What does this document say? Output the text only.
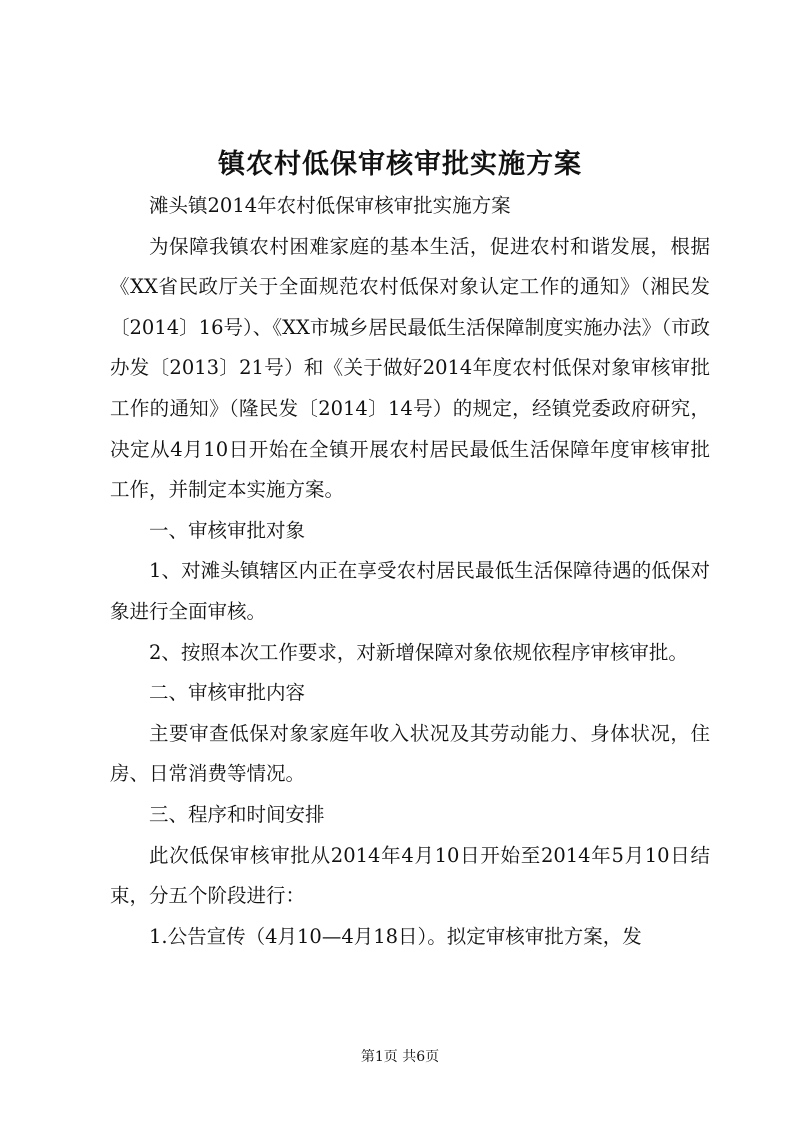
镇农村低保审核审批实施方案

滩头镇2014年农村低保审核审批实施方案

为保障我镇农村困难家庭的基本生活，促进农村和谐发展，根据《XX省民政厅关于全面规范农村低保对象认定工作的通知》（湘民发〔2014〕16号）、《XX市城乡居民最低生活保障制度实施办法》（市政办发〔2013〕21号）和《关于做好2014年度农村低保对象审核审批工作的通知》（隆民发〔2014〕14号）的规定，经镇党委政府研究，决定从4月10日开始在全镇开展农村居民最低生活保障年度审核审批工作，并制定本实施方案。

一、审核审批对象

1、对滩头镇辖区内正在享受农村居民最低生活保障待遇的低保对象进行全面审核。

2、按照本次工作要求，对新增保障对象依规依程序审核审批。

二、审核审批内容

主要审查低保对象家庭年收入状况及其劳动能力、身体状况，住房、日常消费等情况。

三、程序和时间安排

此次低保审核审批从2014年4月10日开始至2014年5月10日结束，分五个阶段进行：

1.公告宣传（4月10—4月18日）。拟定审核审批方案，发

第1页 共6页
